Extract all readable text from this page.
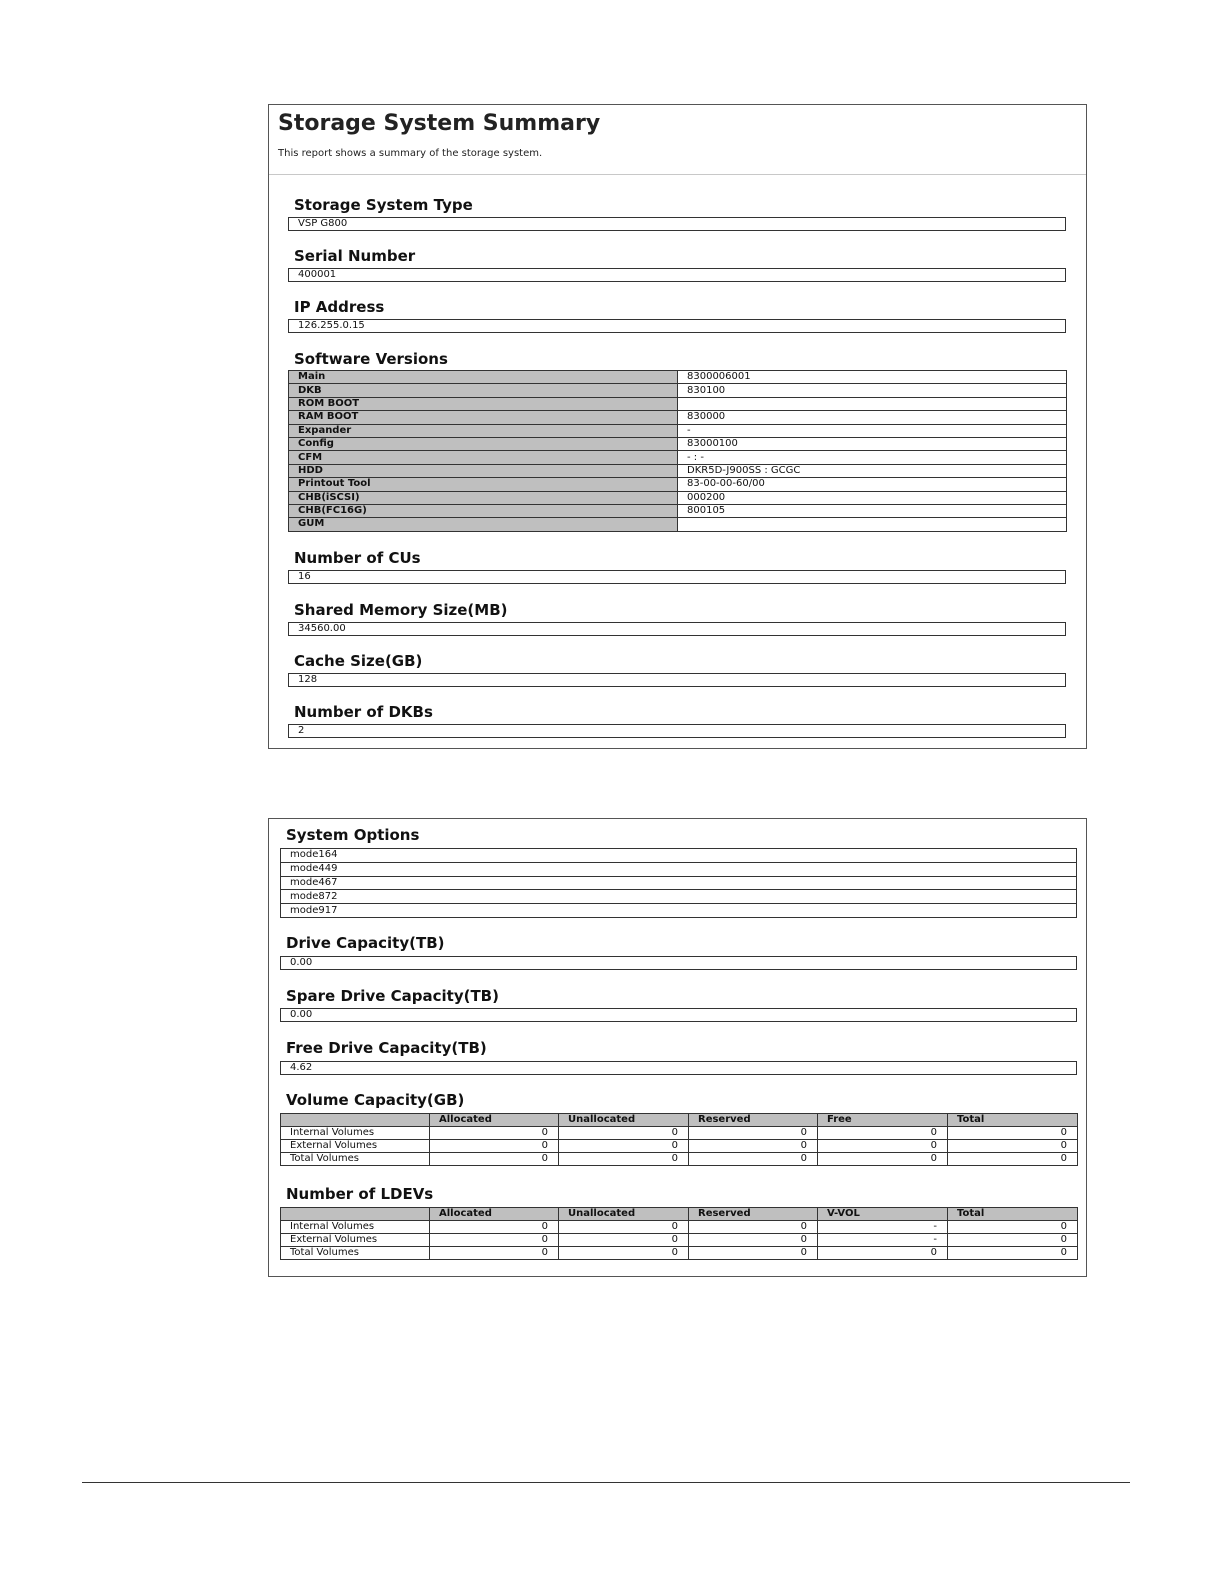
Storage System Summary
This report shows a summary of the storage system.
Storage System Type
VSP G800
Serial Number
400001
IP Address
126.255.0.15
Software Versions
Main	8300006001
DKB	830100
ROM BOOT	
RAM BOOT	830000
Expander	-
Config	83000100
CFM	- : -
HDD	DKR5D-J900SS : GCGC
Printout Tool	83-00-00-60/00
CHB(iSCSI)	000200
CHB(FC16G)	800105
GUM	
Number of CUs
16
Shared Memory Size(MB)
34560.00
Cache Size(GB)
128
Number of DKBs
2
System Options
mode164
mode449
mode467
mode872
mode917
Drive Capacity(TB)
0.00
Spare Drive Capacity(TB)
0.00
Free Drive Capacity(TB)
4.62
Volume Capacity(GB)
	Allocated	Unallocated	Reserved	Free	Total
Internal Volumes	0	0	0	0	0
External Volumes	0	0	0	0	0
Total Volumes	0	0	0	0	0
Number of LDEVs
	Allocated	Unallocated	Reserved	V-VOL	Total
Internal Volumes	0	0	0	-	0
External Volumes	0	0	0	-	0
Total Volumes	0	0	0	0	0
